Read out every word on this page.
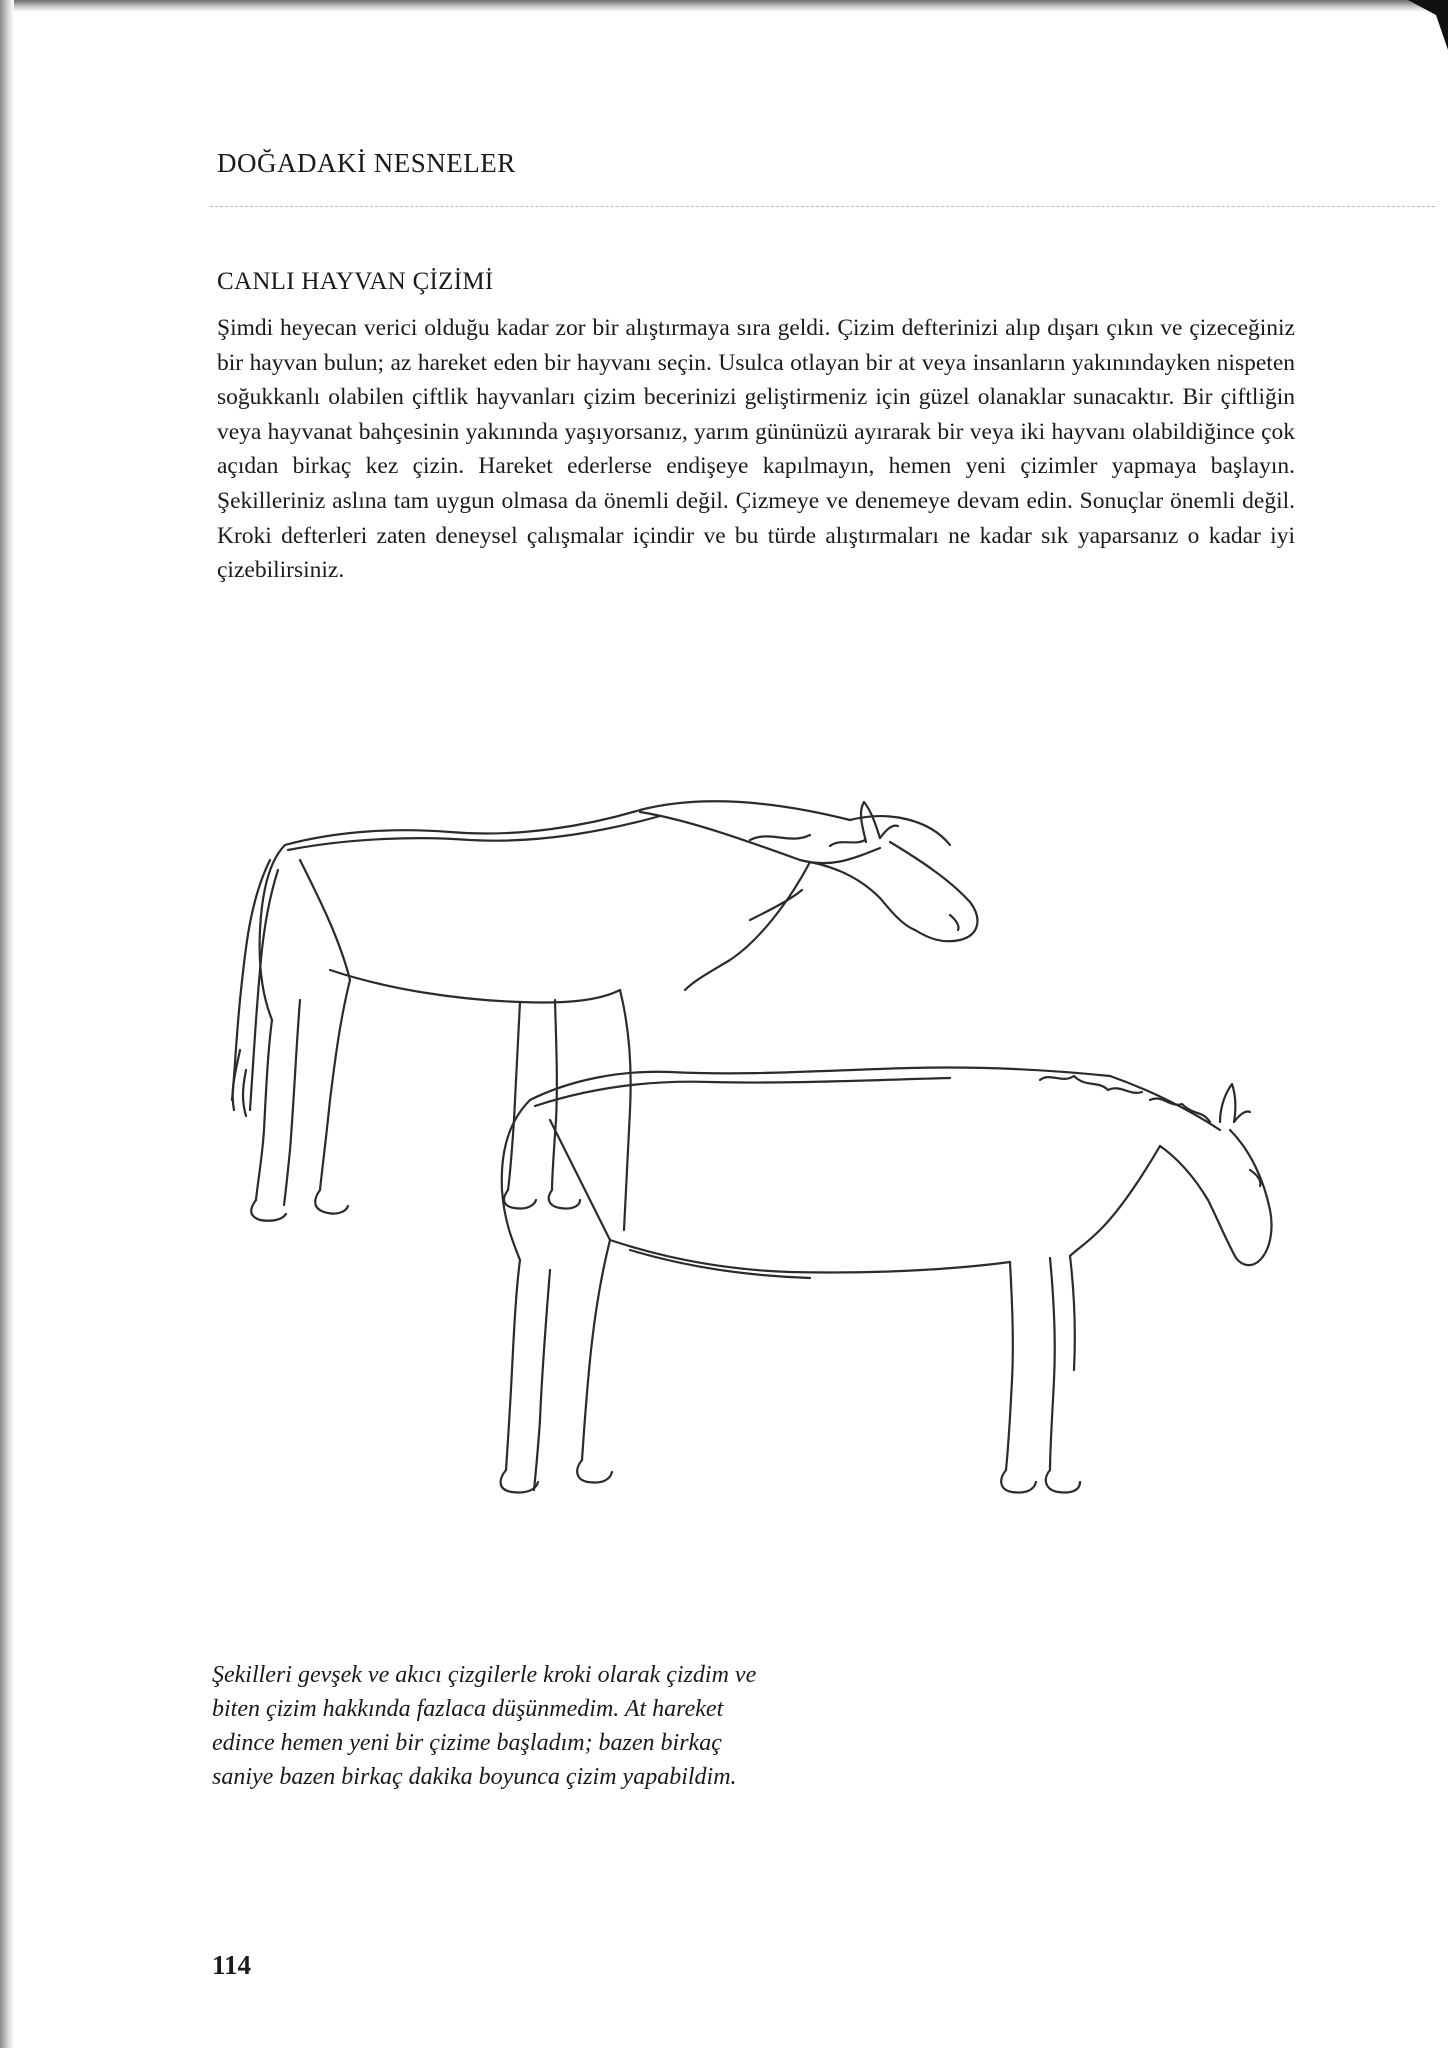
DOĞADAKİ NESNELER
CANLI HAYVAN ÇİZİMİ
Şimdi heyecan verici olduğu kadar zor bir alıştırmaya sıra geldi. Çizim defterinizi alıp dışarı çıkın ve çizeceğiniz bir hayvan bulun; az hareket eden bir hayvanı seçin. Usulca otlayan bir at veya insanların yakınındayken nispeten soğukkanlı olabilen çiftlik hayvanları çizim becerinizi geliştirmeniz için güzel olanaklar sunacaktır. Bir çiftliğin veya hayvanat bahçesinin yakınında yaşıyorsanız, yarım gününüzü ayırarak bir veya iki hayvanı olabildiğince çok açıdan birkaç kez çizin. Hareket ederlerse endişeye kapılmayın, hemen yeni çizimler yapmaya başlayın. Şekilleriniz aslına tam uygun olmasa da önemli değil. Çizmeye ve denemeye devam edin. Sonuçlar önemli değil. Kroki defterleri zaten deneysel çalışmalar içindir ve bu türde alıştırmaları ne kadar sık yaparsanız o kadar iyi çizebilirsiniz.
Şekilleri gevşek ve akıcı çizgilerle kroki olarak çizdim ve
biten çizim hakkında fazlaca düşünmedim. At hareket
edince hemen yeni bir çizime başladım; bazen birkaç
saniye bazen birkaç dakika boyunca çizim yapabildim.
114
